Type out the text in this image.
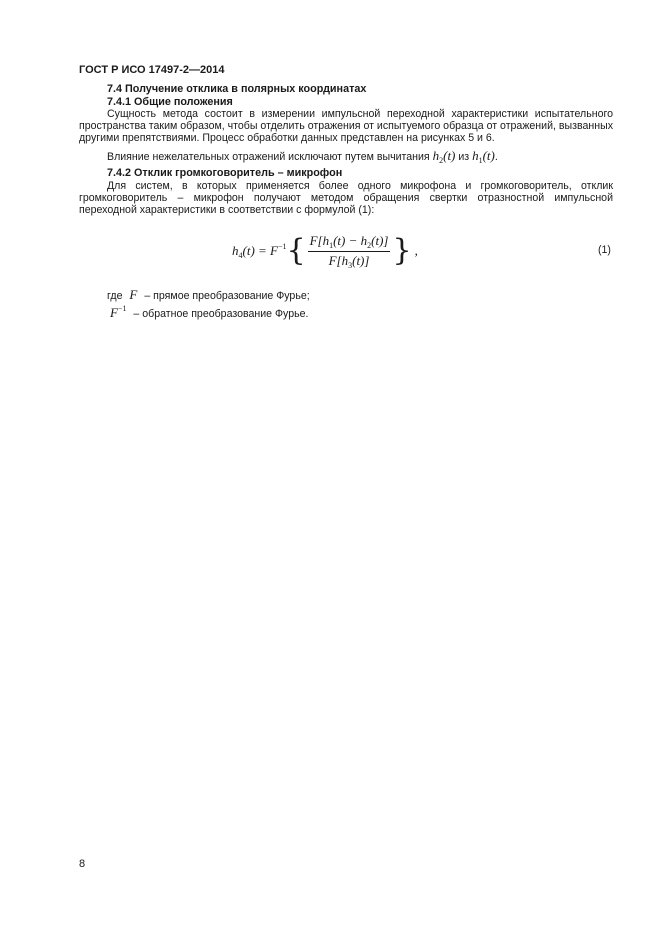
ГОСТ Р ИСО 17497-2—2014
7.4 Получение отклика в полярных координатах
7.4.1 Общие положения
Сущность метода состоит в измерении импульсной переходной характеристики испытательного пространства таким образом, чтобы отделить отражения от испытуемого образца от отражений, вызванных другими препятствиями. Процесс обработки данных представлен на рисунках 5 и 6.
Влияние нежелательных отражений исключают путем вычитания $h_2(t)$ из $h_1(t)$.
7.4.2 Отклик громкоговоритель – микрофон
Для систем, в которых применяется более одного микрофона и громкоговоритель, отклик громкоговоритель – микрофон получают методом обращения свертки отразностной импульсной переходной характеристики в соответствии с формулой (1):
$h_4(t) = F^{-1}$ { $\frac{F[h_1(t) - h_2(t)]}{F[h_3(t)]}$ } ,	(1)
где F – прямое преобразование Фурье;
$F^{-1}$ – обратное преобразование Фурье.
8
